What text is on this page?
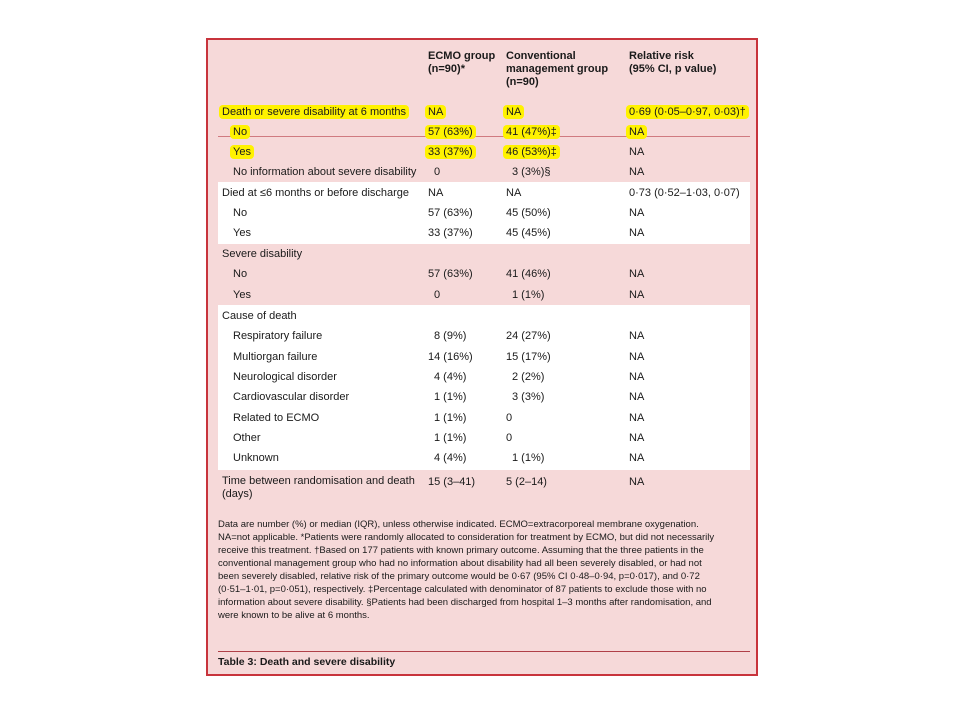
ECMO group
(n=90)*
Conventional
management group
(n=90)
Relative risk
(95% CI, p value)
Death or severe disability at 6 months NA	NA	0·69 (0·05–0·97, 0·03)†
No	57 (63%)	41 (47%)‡	NA
Yes	33 (37%)	46 (53%)‡	NA
No information about severe disability 0	3 (3%)§	NA
Died at ≤6 months or before discharge NA	NA	0·73 (0·52–1·03, 0·07)
No	57 (63%)	45 (50%)	NA
Yes	33 (37%)	45 (45%)	NA
Severe disability
No	57 (63%)	41 (46%)	NA
Yes	0	1 (1%)	NA
Cause of death
Respiratory failure	8 (9%)	24 (27%)	NA
Multiorgan failure	14 (16%)	15 (17%)	NA
Neurological disorder	4 (4%)	2 (2%)	NA
Cardiovascular disorder	1 (1%)	3 (3%)	NA
Related to ECMO	1 (1%)	0	NA
Other	1 (1%)	0	NA
Unknown	4 (4%)	1 (1%)	NA
Time between randomisation and death
(days)
15 (3–41)	5 (2–14)	NA
Data are number (%) or median (IQR), unless otherwise indicated. ECMO=extracorporeal membrane oxygenation.
NA=not applicable. *Patients were randomly allocated to consideration for treatment by ECMO, but did not necessarily
receive this treatment. †Based on 177 patients with known primary outcome. Assuming that the three patients in the
conventional management group who had no information about disability had all been severely disabled, or had not
been severely disabled, relative risk of the primary outcome would be 0·67 (95% CI 0·48–0·94, p=0·017), and 0·72
(0·51–1·01, p=0·051), respectively. ‡Percentage calculated with denominator of 87 patients to exclude those with no
information about severe disability. §Patients had been discharged from hospital 1–3 months after randomisation, and
were known to be alive at 6 months.
Table 3: Death and severe disability
